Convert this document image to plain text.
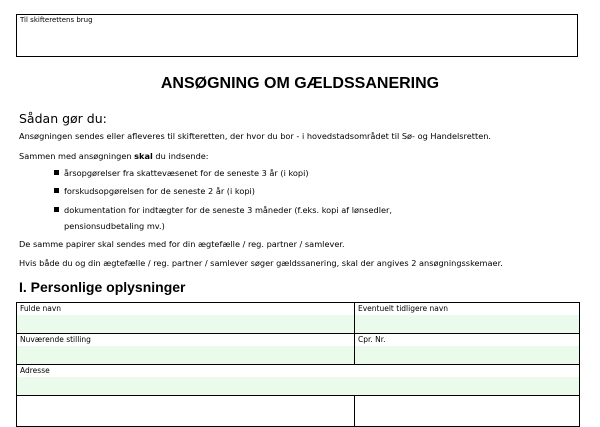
Til skifterettens brug
ANSØGNING OM GÆLDSSANERING
Sådan gør du:
Ansøgningen sendes eller afleveres til skifteretten, der hvor du bor - i hovedstadsområdet til Sø- og Handelsretten.
Sammen med ansøgningen skal du indsende:
årsopgørelser fra skattevæsenet for de seneste 3 år (i kopi)
forskudsopgørelsen for de seneste 2 år (i kopi)
dokumentation for indtægter for de seneste 3 måneder (f.eks. kopi af lønsedler,
pensionsudbetaling mv.)
De samme papirer skal sendes med for din ægtefælle / reg. partner / samlever.
Hvis både du og din ægtefælle / reg. partner / samlever søger gældssanering, skal der angives 2 ansøgningsskemaer.
I. Personlige oplysninger
Fulde navn	Eventuelt tidligere navn
Nuværende stilling	Cpr. Nr.
Adresse
